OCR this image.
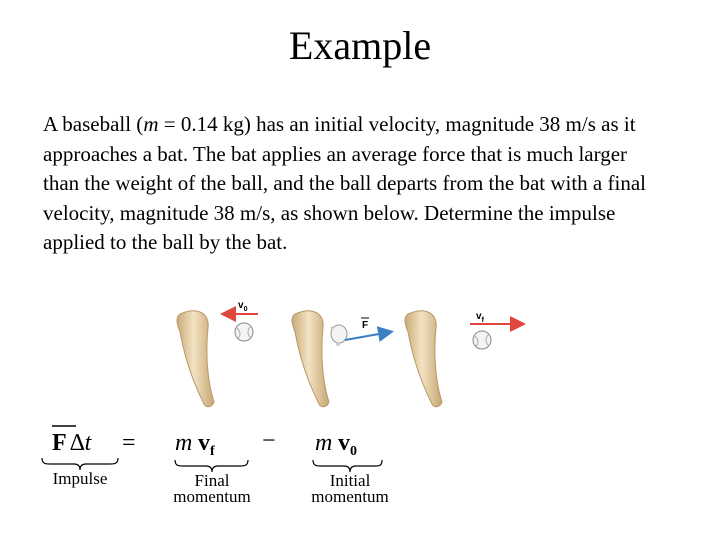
Example
A baseball (m = 0.14 kg) has an initial velocity, magnitude 38 m/s as it approaches a bat. The bat applies an average force that is much larger than the weight of the ball, and the ball departs from the bat with a final velocity, magnitude 38 m/s, as shown below. Determine the impulse applied to the ball by the bat.
$v_0$
F
$v_f$
F ∆t = m $v_f - m$ $v_0$
Impulse	Final
momentum
Initial
momentum
